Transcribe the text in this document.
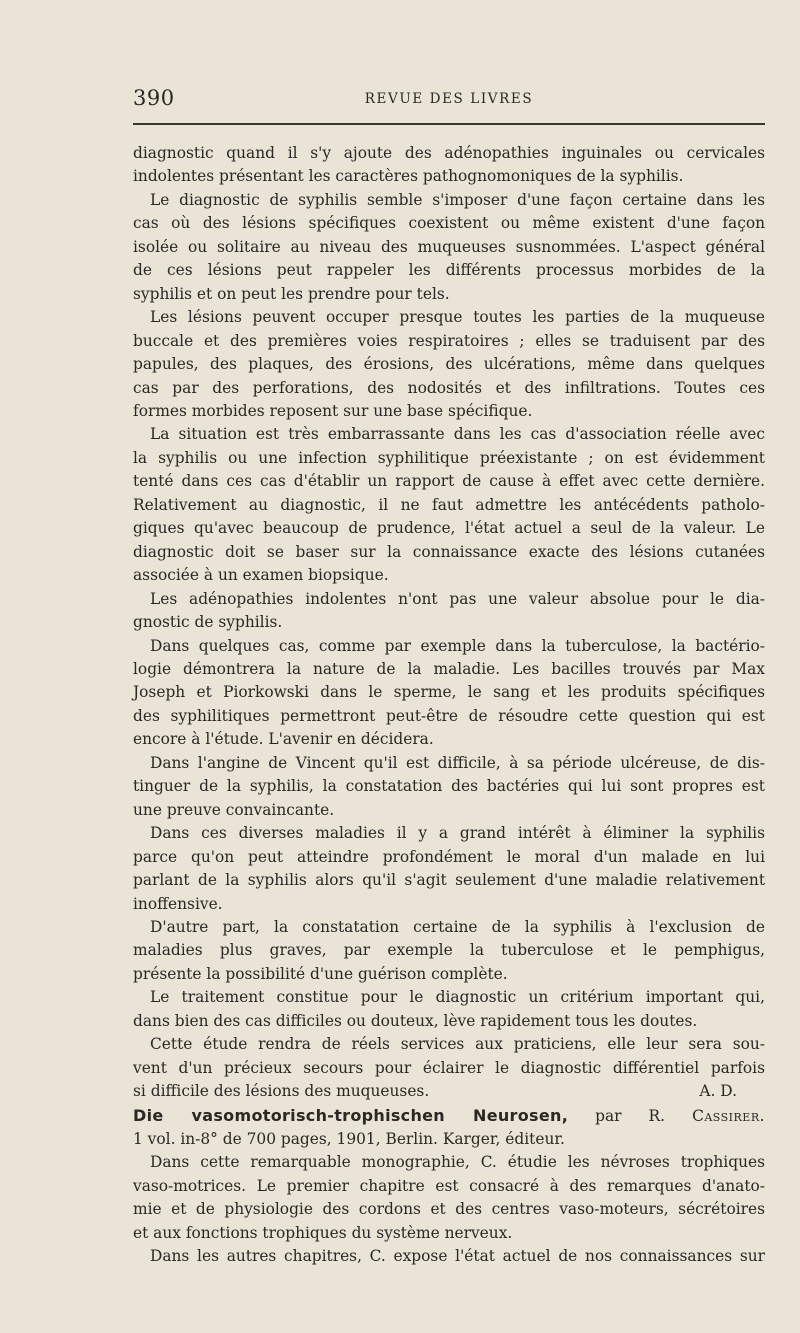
390	REVUE DES LIVRES

diagnostic quand il s'y ajoute des adénopathies inguinales ou cervicales

indolentes présentant les caractères pathognomoniques de la syphilis.

Le diagnostic de syphilis semble s'imposer d'une façon certaine dans les

cas où des lésions spécifiques coexistent ou même existent d'une façon

isolée ou solitaire au niveau des muqueuses susnommées. L'aspect général

de ces lésions peut rappeler les différents processus morbides de la

syphilis et on peut les prendre pour tels.

Les lésions peuvent occuper presque toutes les parties de la muqueuse

buccale et des premières voies respiratoires ; elles se traduisent par des

papules, des plaques, des érosions, des ulcérations, même dans quelques

cas par des perforations, des nodosités et des infiltrations. Toutes ces

formes morbides reposent sur une base spécifique.

La situation est très embarrassante dans les cas d'association réelle avec

la syphilis ou une infection syphilitique préexistante ; on est évidemment

tenté dans ces cas d'établir un rapport de cause à effet avec cette dernière.

Relativement au diagnostic, il ne faut admettre les antécédents patholo-

giques qu'avec beaucoup de prudence, l'état actuel a seul de la valeur. Le

diagnostic doit se baser sur la connaissance exacte des lésions cutanées

associée à un examen biopsique.

Les adénopathies indolentes n'ont pas une valeur absolue pour le dia-

gnostic de syphilis.

Dans quelques cas, comme par exemple dans la tuberculose, la bactério-

logie démontrera la nature de la maladie. Les bacilles trouvés par Max

Joseph et Piorkowski dans le sperme, le sang et les produits spécifiques

des syphilitiques permettront peut-être de résoudre cette question qui est

encore à l'étude. L'avenir en décidera.

Dans l'angine de Vincent qu'il est difficile, à sa période ulcéreuse, de dis-

tinguer de la syphilis, la constatation des bactéries qui lui sont propres est

une preuve convaincante.

Dans ces diverses maladies il y a grand intérêt à éliminer la syphilis

parce qu'on peut atteindre profondément le moral d'un malade en lui

parlant de la syphilis alors qu'il s'agit seulement d'une maladie relativement

inoffensive.

D'autre part, la constatation certaine de la syphilis à l'exclusion de

maladies plus graves, par exemple la tuberculose et le pemphigus,

présente la possibilité d'une guérison complète.

Le traitement constitue pour le diagnostic un critérium important qui,

dans bien des cas difficiles ou douteux, lève rapidement tous les doutes.

Cette étude rendra de réels services aux praticiens, elle leur sera sou-

vent d'un précieux secours pour éclairer le diagnostic différentiel parfois

si difficile des lésions des muqueuses.	A. D.

Die vasomotorisch-trophischen Neurosen, par R. Cassirer.

1 vol. in-8° de 700 pages, 1901, Berlin. Karger, éditeur.

Dans cette remarquable monographie, C. étudie les névroses trophiques

vaso-motrices. Le premier chapitre est consacré à des remarques d'anato-

mie et de physiologie des cordons et des centres vaso-moteurs, sécrétoires

et aux fonctions trophiques du système nerveux.

Dans les autres chapitres, C. expose l'état actuel de nos connaissances sur
